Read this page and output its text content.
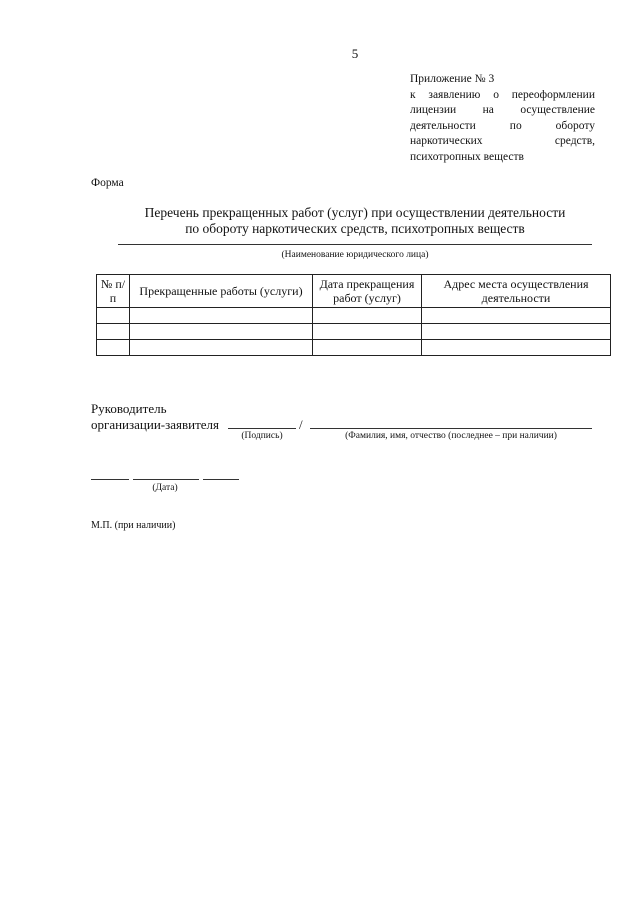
5
Приложение № 3
к заявлению о переоформлении лицензии на осуществление деятельности по обороту наркотических средств, психотропных веществ
Форма
Перечень прекращенных работ (услуг) при осуществлении деятельности
по обороту наркотических средств, психотропных веществ
(Наименование юридического лица)
№ п/п	Прекращенные работы (услуги)	Дата прекращения работ (услуг)	Адрес места осуществления деятельности

Руководитель
организации-заявителя	/
(Подпись)	(Фамилия, имя, отчество (последнее – при наличии)
(Дата)
М.П. (при наличии)
